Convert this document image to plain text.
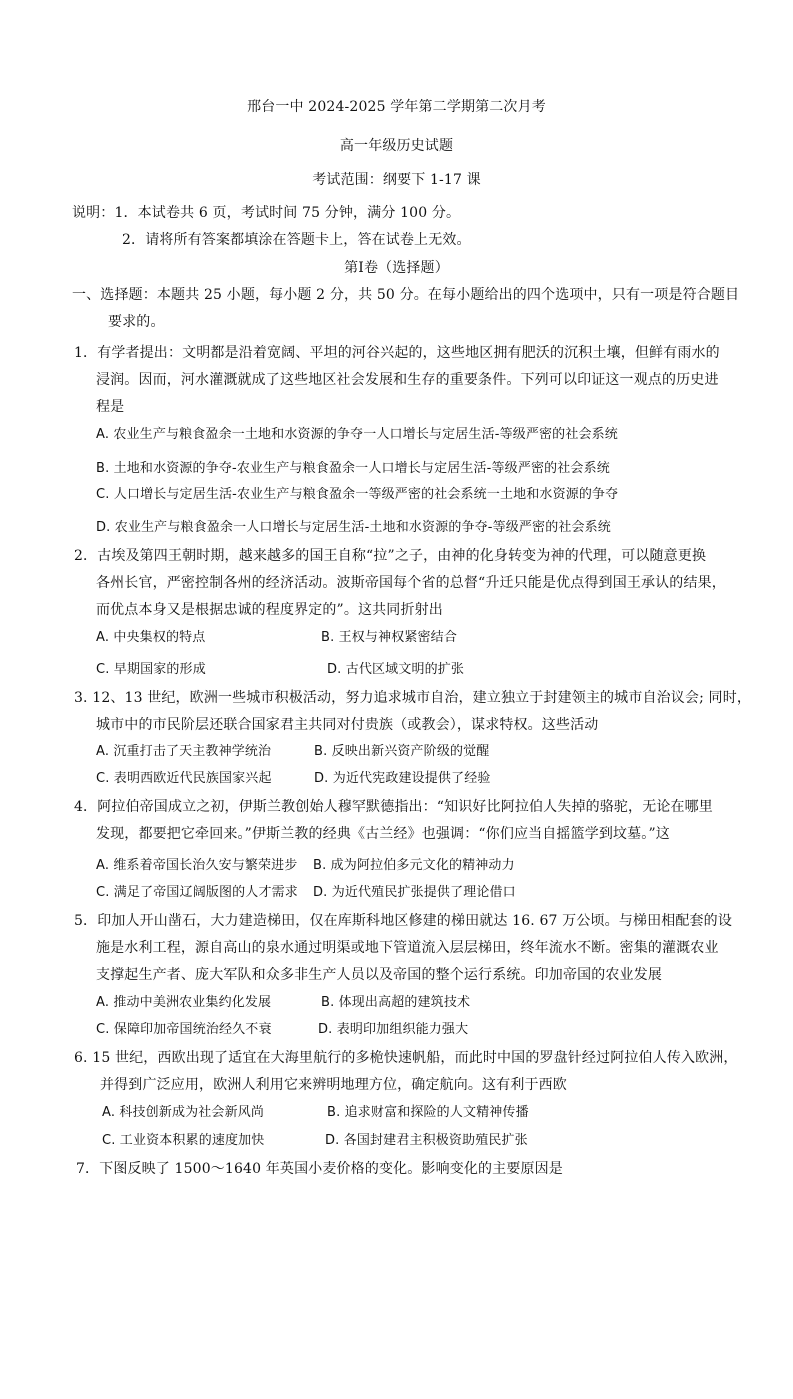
邢台一中 2024-2025 学年第二学期第二次月考
高一年级历史试题
考试范围：纲要下 1-17 课
说明：1．本试卷共 6 页，考试时间 75 分钟，满分 100 分。
2．请将所有答案都填涂在答题卡上，答在试卷上无效。
第Ⅰ卷（选择题）
一、选择题：本题共 25 小题，每小题 2 分，共 50 分。在每小题给出的四个选项中，只有一项是符合题目
要求的。
1．有学者提出：文明都是沿着宽阔、平坦的河谷兴起的，这些地区拥有肥沃的沉积土壤，但鲜有雨水的
浸润。因而，河水灌溉就成了这些地区社会发展和生存的重要条件。下列可以印证这一观点的历史进
程是
A. 农业生产与粮食盈余一土地和水资源的争夺一人口增长与定居生活-等级严密的社会系统
B. 土地和水资源的争夺-农业生产与粮食盈余一人口增长与定居生活-等级严密的社会系统
C. 人口增长与定居生活-农业生产与粮食盈余一等级严密的社会系统一土地和水资源的争夺
D. 农业生产与粮食盈余一人口增长与定居生活-土地和水资源的争夺-等级严密的社会系统
2．古埃及第四王朝时期，越来越多的国王自称“拉”之子，由神的化身转变为神的代理，可以随意更换
各州长官，严密控制各州的经济活动。波斯帝国每个省的总督“升迁只能是优点得到国王承认的结果，
而优点本身又是根据忠诚的程度界定的”。这共同折射出
A. 中央集权的特点	B. 王权与神权紧密结合
C. 早期国家的形成	D. 古代区域文明的扩张
3. 12、13 世纪，欧洲一些城市积极活动，努力追求城市自治，建立独立于封建领主的城市自治议会; 同时，
城市中的市民阶层还联合国家君主共同对付贵族（或教会），谋求特权。这些活动
A. 沉重打击了天主教神学统治	B. 反映出新兴资产阶级的觉醒
C. 表明西欧近代民族国家兴起	D. 为近代宪政建设提供了经验
4．阿拉伯帝国成立之初，伊斯兰教创始人穆罕默德指出：“知识好比阿拉伯人失掉的骆驼，无论在哪里
发现，都要把它牵回来。”伊斯兰教的经典《古兰经》也强调：“你们应当自摇篮学到坟墓。”这
A. 维系着帝国长治久安与繁荣进步 B. 成为阿拉伯多元文化的精神动力
C. 满足了帝国辽阔版图的人才需求 D. 为近代殖民扩张提供了理论借口
5．印加人开山凿石，大力建造梯田，仅在库斯科地区修建的梯田就达 16. 67 万公顷。与梯田相配套的设
施是水利工程，源自高山的泉水通过明渠或地下管道流入层层梯田，终年流水不断。密集的灌溉农业
支撑起生产者、庞大军队和众多非生产人员以及帝国的整个运行系统。印加帝国的农业发展
A. 推动中美洲农业集约化发展	B. 体现出高超的建筑技术
C. 保障印加帝国统治经久不衰	D. 表明印加组织能力强大
6. 15 世纪，西欧出现了适宜在大海里航行的多桅快速帆船，而此时中国的罗盘针经过阿拉伯人传入欧洲，
并得到广泛应用，欧洲人利用它来辨明地理方位，确定航向。这有利于西欧
A. 科技创新成为社会新风尚	B. 追求财富和探险的人文精神传播
C. 工业资本积累的速度加快	D. 各国封建君主积极资助殖民扩张
7．下图反映了 1500～1640 年英国小麦价格的变化。影响变化的主要原因是
